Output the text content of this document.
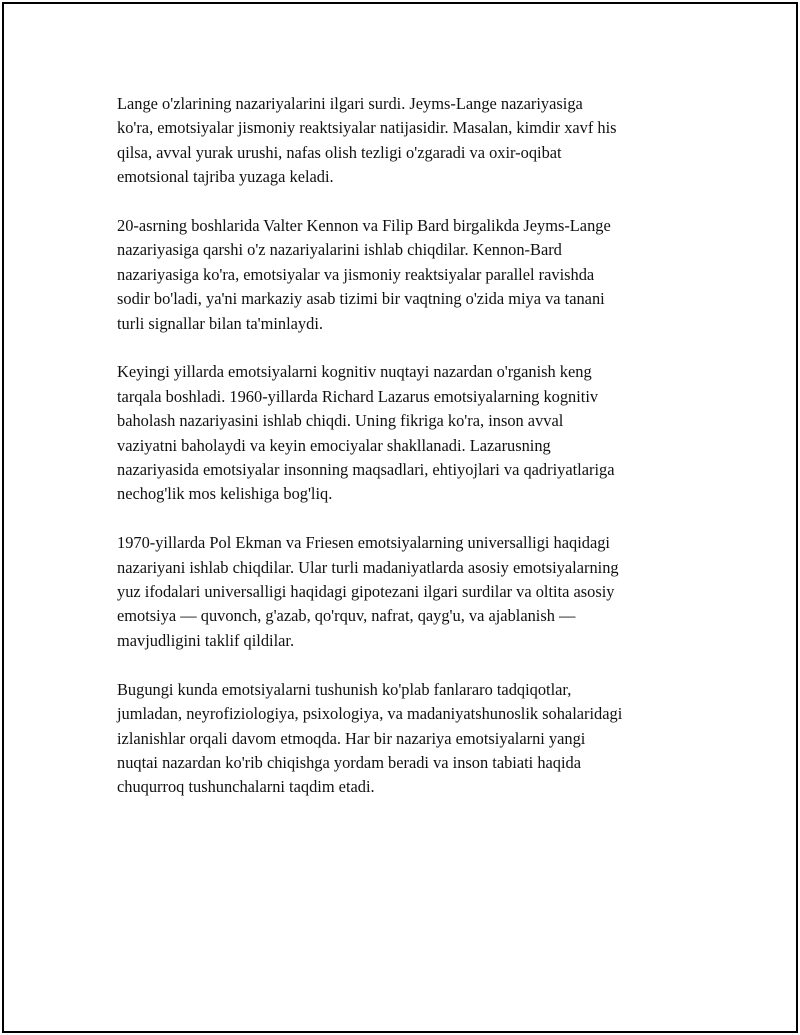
Lange o'zlarining nazariyalarini ilgari surdi. Jeyms-Lange nazariyasiga
ko'ra, emotsiyalar jismoniy reaktsiyalar natijasidir. Masalan, kimdir xavf his
qilsa, avval yurak urushi, nafas olish tezligi o'zgaradi va oxir-oqibat
emotsional tajriba yuzaga keladi.

20-asrning boshlarida Valter Kennon va Filip Bard birgalikda Jeyms-Lange
nazariyasiga qarshi o'z nazariyalarini ishlab chiqdilar. Kennon-Bard
nazariyasiga ko'ra, emotsiyalar va jismoniy reaktsiyalar parallel ravishda
sodir bo'ladi, ya'ni markaziy asab tizimi bir vaqtning o'zida miya va tanani
turli signallar bilan ta'minlaydi.

Keyingi yillarda emotsiyalarni kognitiv nuqtayi nazardan o'rganish keng
tarqala boshladi. 1960-yillarda Richard Lazarus emotsiyalarning kognitiv
baholash nazariyasini ishlab chiqdi. Uning fikriga ko'ra, inson avval
vaziyatni baholaydi va keyin emociyalar shakllanadi. Lazarusning
nazariyasida emotsiyalar insonning maqsadlari, ehtiyojlari va qadriyatlariga
nechog'lik mos kelishiga bog'liq.

1970-yillarda Pol Ekman va Friesen emotsiyalarning universalligi haqidagi
nazariyani ishlab chiqdilar. Ular turli madaniyatlarda asosiy emotsiyalarning
yuz ifodalari universalligi haqidagi gipotezani ilgari surdilar va oltita asosiy
emotsiya — quvonch, g'azab, qo'rquv, nafrat, qayg'u, va ajablanish —
mavjudligini taklif qildilar.

Bugungi kunda emotsiyalarni tushunish ko'plab fanlararo tadqiqotlar,
jumladan, neyrofiziologiya, psixologiya, va madaniyatshunoslik sohalaridagi
izlanishlar orqali davom etmoqda. Har bir nazariya emotsiyalarni yangi
nuqtai nazardan ko'rib chiqishga yordam beradi va inson tabiati haqida
chuqurroq tushunchalarni taqdim etadi.
